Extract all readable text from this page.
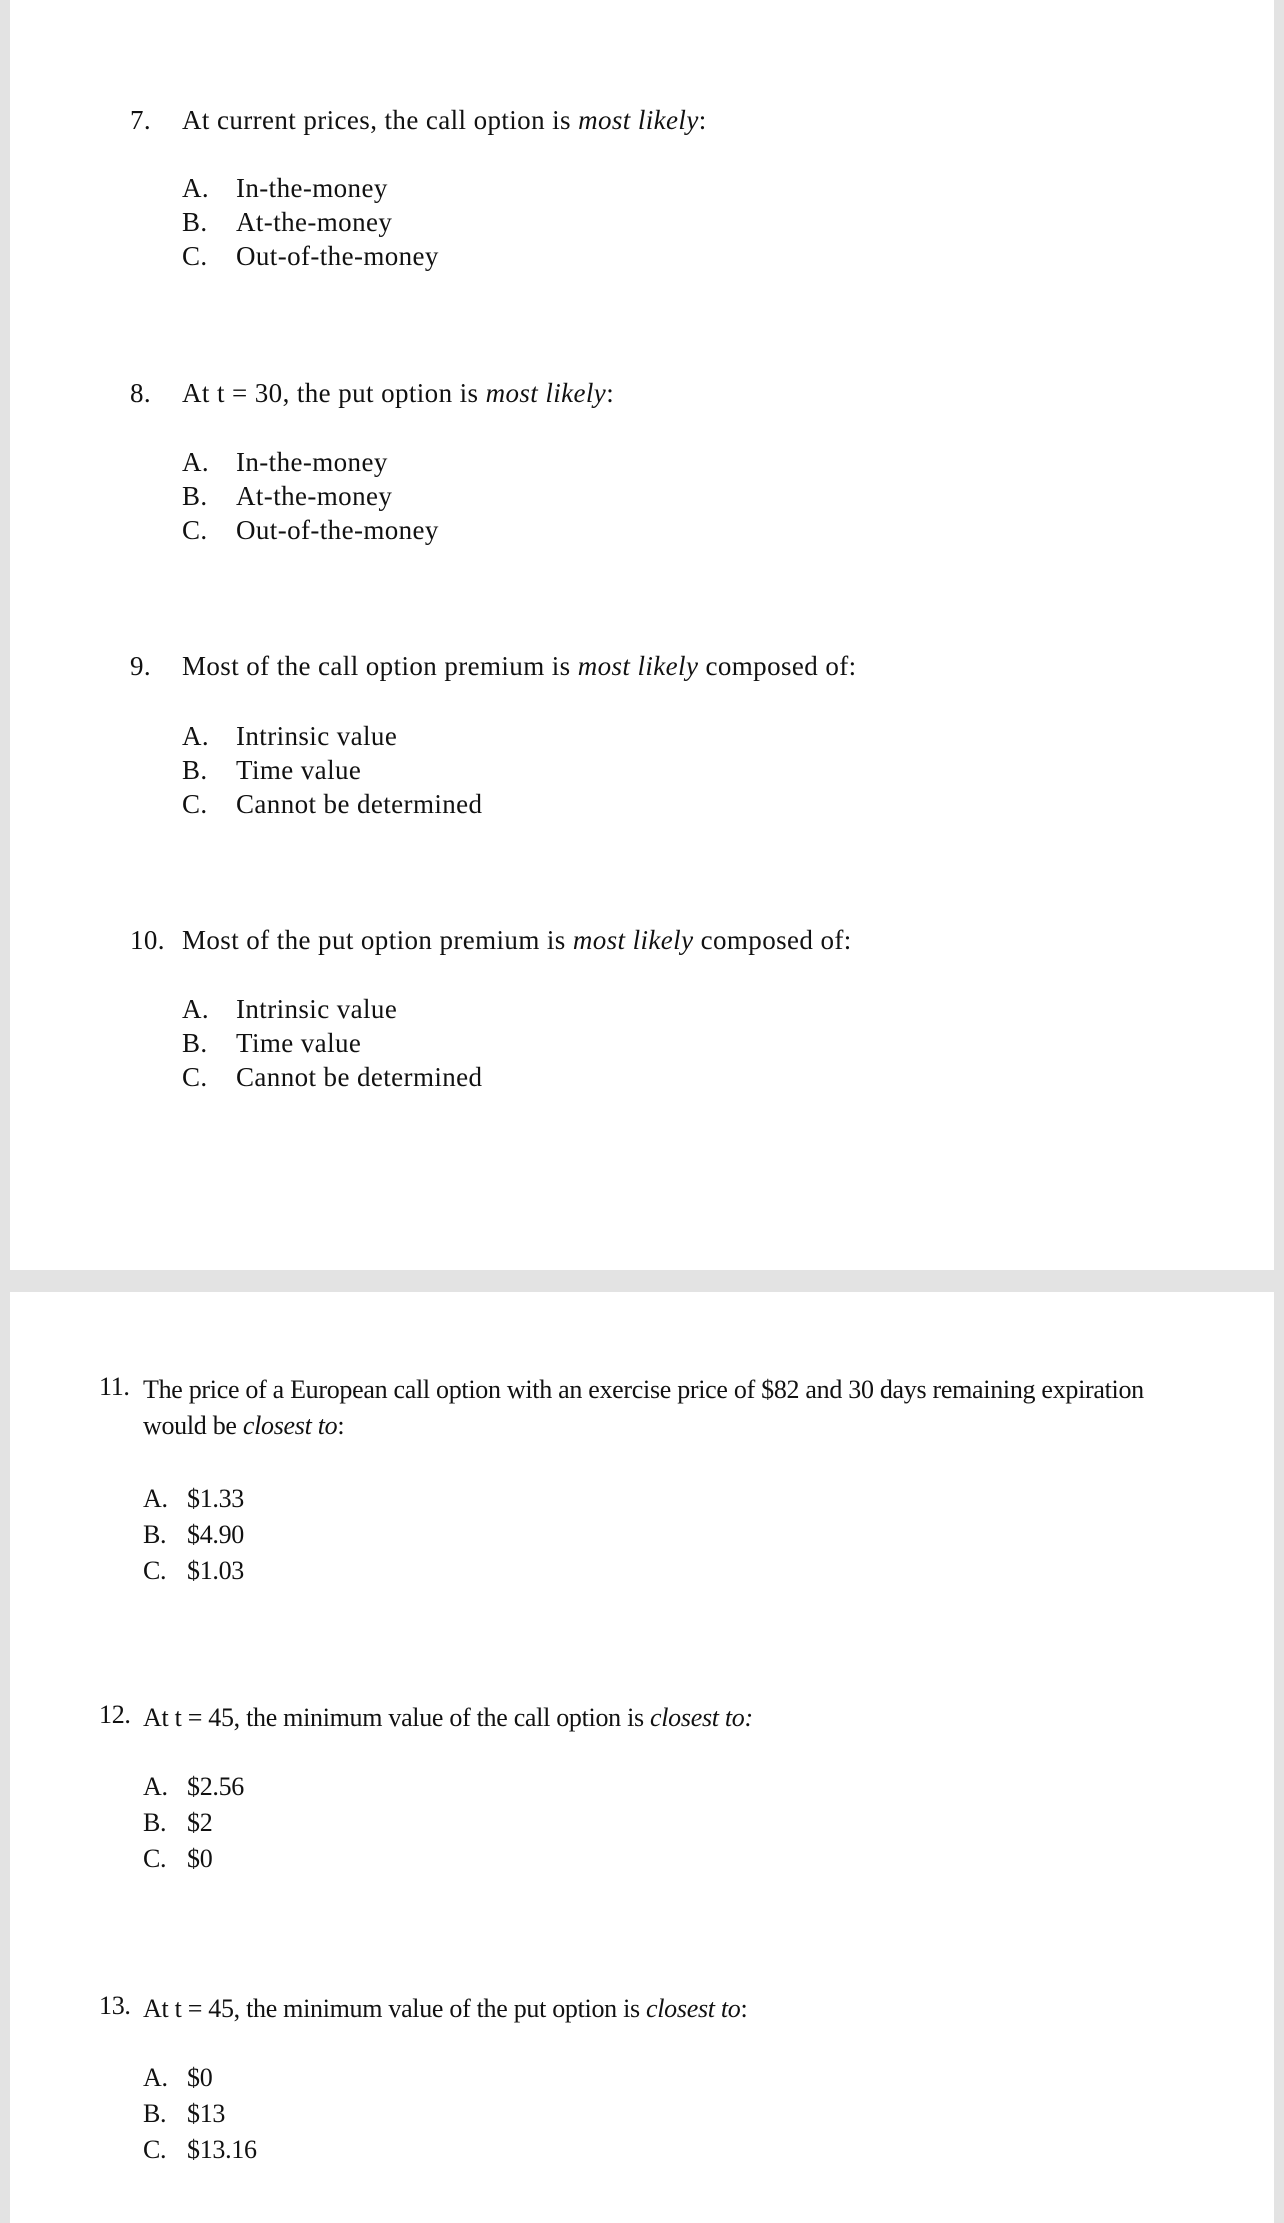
7. At current prices, the call option is most likely:
A. In-the-money
B. At-the-money
C. Out-of-the-money
8. At t = 30, the put option is most likely:
A. In-the-money
B. At-the-money
C. Out-of-the-money
9. Most of the call option premium is most likely composed of:
A. Intrinsic value
B. Time value
C. Cannot be determined
10. Most of the put option premium is most likely composed of:
A. Intrinsic value
B. Time value
C. Cannot be determined
11. The price of a European call option with an exercise price of $82 and 30 days remaining expiration would be closest to:
A. $1.33
B. $4.90
C. $1.03
12. At t = 45, the minimum value of the call option is closest to:
A. $2.56
B. $2
C. $0
13. At t = 45, the minimum value of the put option is closest to:
A. $0
B. $13
C. $13.16
